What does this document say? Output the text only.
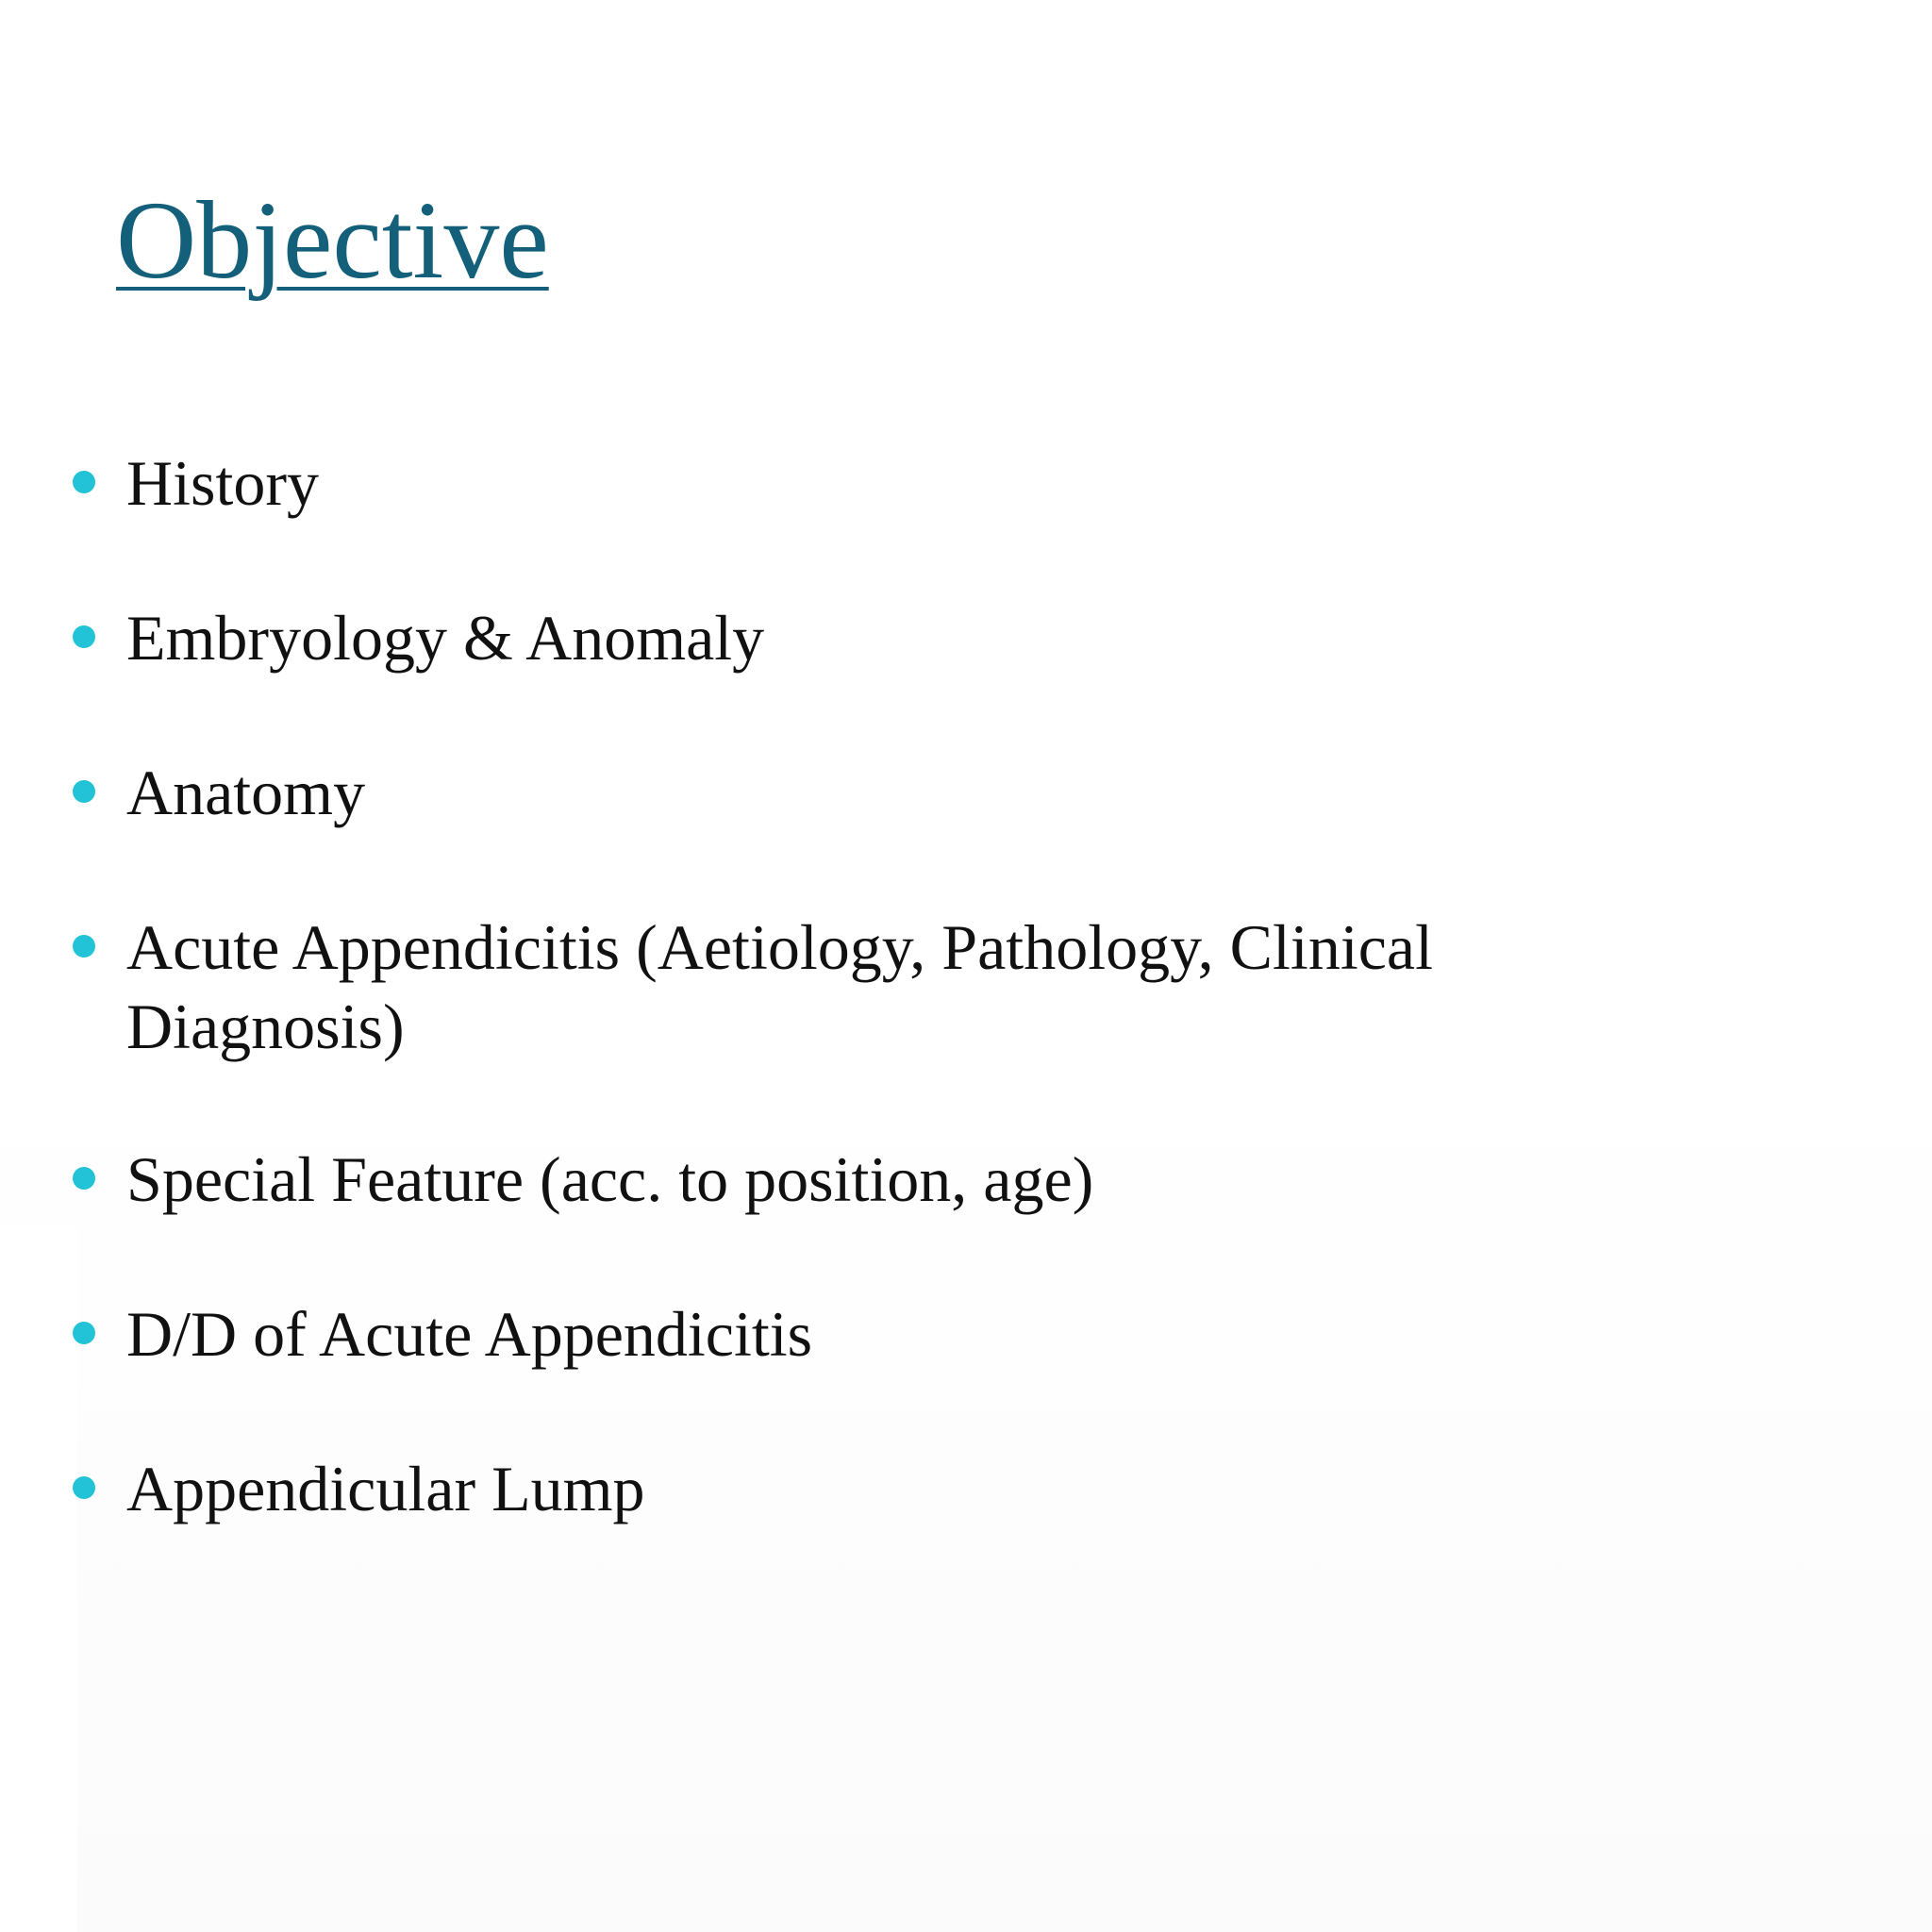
Objective
History
Embryology & Anomaly
Anatomy
Acute Appendicitis (Aetiology, Pathology, Clinical Diagnosis)
Special Feature (acc. to position, age)
D/D of Acute Appendicitis
Appendicular Lump
